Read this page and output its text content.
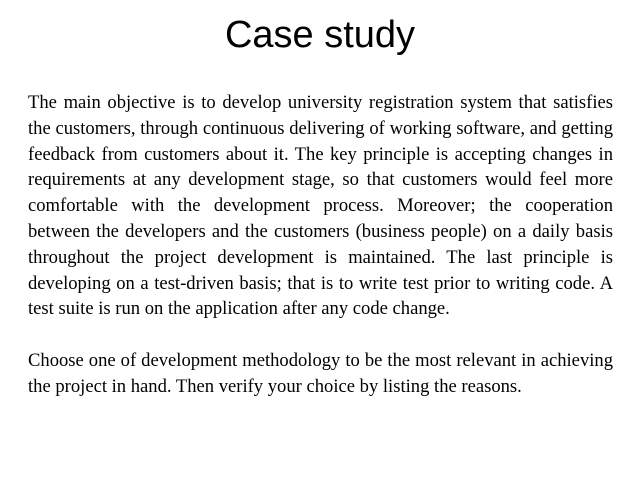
Case study

The main objective is to develop university registration system that satisfies the customers, through continuous delivering of working software, and getting feedback from customers about it. The key principle is accepting changes in requirements at any development stage, so that customers would feel more comfortable with the development process. Moreover; the cooperation between the developers and the customers (business people) on a daily basis throughout the project development is maintained. The last principle is developing on a test-driven basis; that is to write test prior to writing code. A test suite is run on the application after any code change.

Choose one of development methodology to be the most relevant in achieving the project in hand. Then verify your choice by listing the reasons.
